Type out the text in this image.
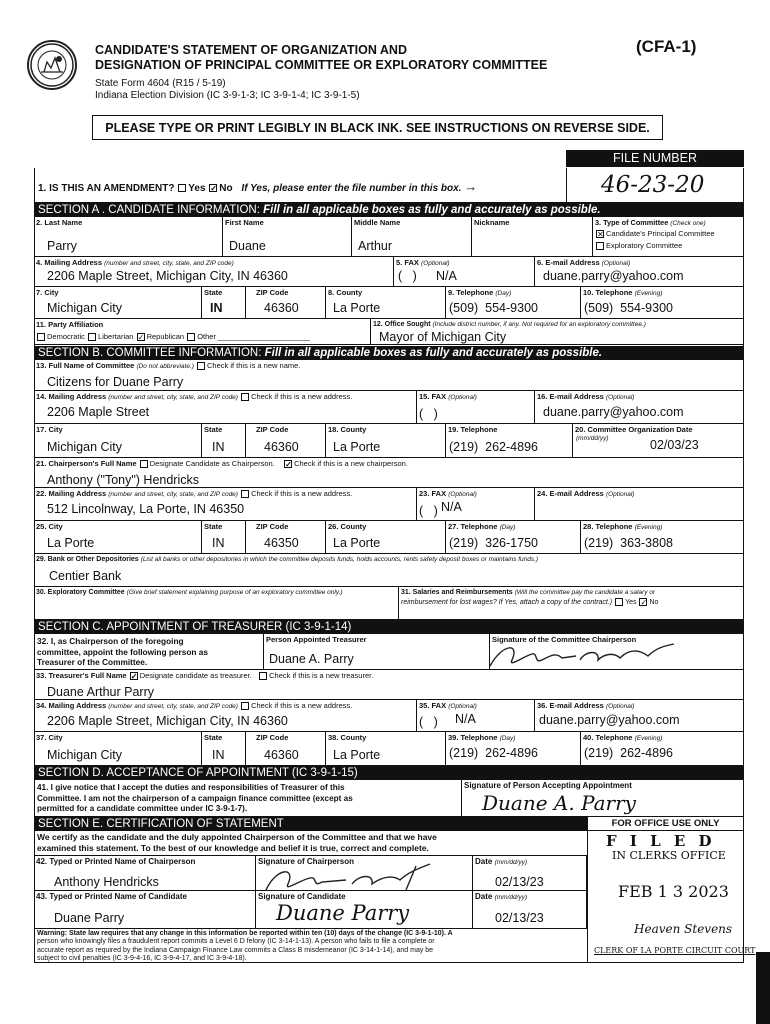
CANDIDATE'S STATEMENT OF ORGANIZATION AND
DESIGNATION OF PRINCIPAL COMMITTEE OR EXPLORATORY COMMITTEE
State Form 4604 (R15 / 5-19)
Indiana Election Division (IC 3-9-1-3; IC 3-9-1-4; IC 3-9-1-5)
(CFA-1)
PLEASE TYPE OR PRINT LEGIBLY IN BLACK INK. SEE INSTRUCTIONS ON REVERSE SIDE.
FILE NUMBER
1. IS THIS AN AMENDMENT? Yes ✓ No If Yes, please enter the file number in this box. →	46-23-20
SECTION A . CANDIDATE INFORMATION: Fill in all applicable boxes as fully and accurately as possible.
2. Last Name
Parry
First Name
Duane
Middle Name
Arthur
Nickname	3. Type of Committee (Check one)
✕ Candidate's Principal Committee
Exploratory Committee
4. Mailing Address (number and street, city, state, and ZIP code)
2206 Maple Street, Michigan City, IN 46360
5. FAX (Optional)
(   ) N/A
6. E-mail Address (Optional)
duane.parry@yahoo.com
7. City
Michigan City
State
IN
ZIP Code
46360
8. County
La Porte
9. Telephone (Day)
(509)  554-9300
10. Telephone (Evening)
(509)  554-9300
11. Party Affiliation
Democratic Libertarian ✓ Republican Other ______________________
12. Office Sought (Include district number, if any. Not required for an exploratory committee.)
Mayor of Michigan City
SECTION B. COMMITTEE INFORMATION: Fill in all applicable boxes as fully and accurately as possible.
13. Full Name of Committee (Do not abbreviate.) Check if this is a new name.
Citizens for Duane Parry
14. Mailing Address (number and street, city, state, and ZIP code) Check if this is a new address.
2206 Maple Street
15. FAX (Optional)
(   )
16. E-mail Address (Optional)
duane.parry@yahoo.com
17. City
Michigan City
State
IN
ZIP Code
46360
18. County
La Porte
19. Telephone
(219)  262-4896
20. Committee Organization Date
(mm/dd/yy)	02/03/23
21. Chairperson's Full Name Designate Candidate as Chairperson. ✓ Check if this is a new chairperson.
Anthony ("Tony") Hendricks
22. Mailing Address (number and street, city, state, and ZIP code) Check if this is a new address.
512 Lincolnway, La Porte, IN 46350
23. FAX (Optional)
(   ) N/A
24. E-mail Address (Optional)
25. City
La Porte
State
IN
ZIP Code
46350
26. County
La Porte
27. Telephone (Day)
(219)  326-1750
28. Telephone (Evening)
(219)  363-3808
29. Bank or Other Depositories (List all banks or other depositories in which the committee deposits funds, holds accounts, rents safety deposit boxes or maintains funds.)
Centier Bank
30. Exploratory Committee (Give brief statement explaining purpose of an exploratory committee only.)	31. Salaries and Reimbursements (Will the committee pay the candidate a salary or
reimbursement for lost wages? If Yes, attach a copy of the contract.) Yes ✓ No
SECTION C. APPOINTMENT OF TREASURER (IC 3-9-1-14)
32. I, as Chairperson of the foregoing
committee, appoint the following person as
Treasurer of the Committee.
Person Appointed Treasurer
Duane A. Parry
Signature of the Committee Chairperson
33. Treasurer's Full Name ✓ Designate candidate as treasurer. Check if this is a new treasurer.
Duane Arthur Parry
34. Mailing Address (number and street, city, state, and ZIP code) Check if this is a new address.
2206 Maple Street, Michigan City, IN 46360
35. FAX (Optional)
(   ) N/A
36. E-mail Address (Optional)
duane.parry@yahoo.com
37. City
Michigan City
State
IN
ZIP Code
46360
38. County
La Porte
39. Telephone (Day)
(219)  262-4896
40. Telephone (Evening)
(219)  262-4896
SECTION D. ACCEPTANCE OF APPOINTMENT (IC 3-9-1-15)
41. I give notice that I accept the duties and responsibilities of Treasurer of this
Committee. I am not the chairperson of a campaign finance committee (except as
permitted for a candidate committee under IC 3-9-1-7).
Signature of Person Accepting Appointment
Duane A. Parry
SECTION E. CERTIFICATION OF STATEMENT	FOR OFFICE USE ONLY
We certify as the candidate and the duly appointed Chairperson of the Committee and that we have
examined this statement. To the best of our knowledge and belief it is true, correct and complete.
42. Typed or Printed Name of Chairperson
Anthony Hendricks
Signature of Chairperson	Date (mm/dd/yy)
02/13/23
43. Typed or Printed Name of Candidate
Duane Parry
Signature of Candidate
Duane Parry
Date (mm/dd/yy)
02/13/23
Warning: State law requires that any change in this information be reported within ten (10) days of the change (IC 3-9-1-10). A
person who knowingly files a fraudulent report commits a Level 6 D felony (IC 3-14-1-13). A person who fails to file a complete or
accurate report as required by the Indiana Campaign Finance Law commits a Class B misdemeanor (IC 3-14-1-14), and may be
subject to civil penalties (IC 3-9-4-16, IC 3-9-4-17, and IC 3-9-4-18).
F I L E D
IN CLERKS OFFICE
FEB 1 3 2023
Heaven Stevens
CLERK OF LA PORTE CIRCUIT COURT
